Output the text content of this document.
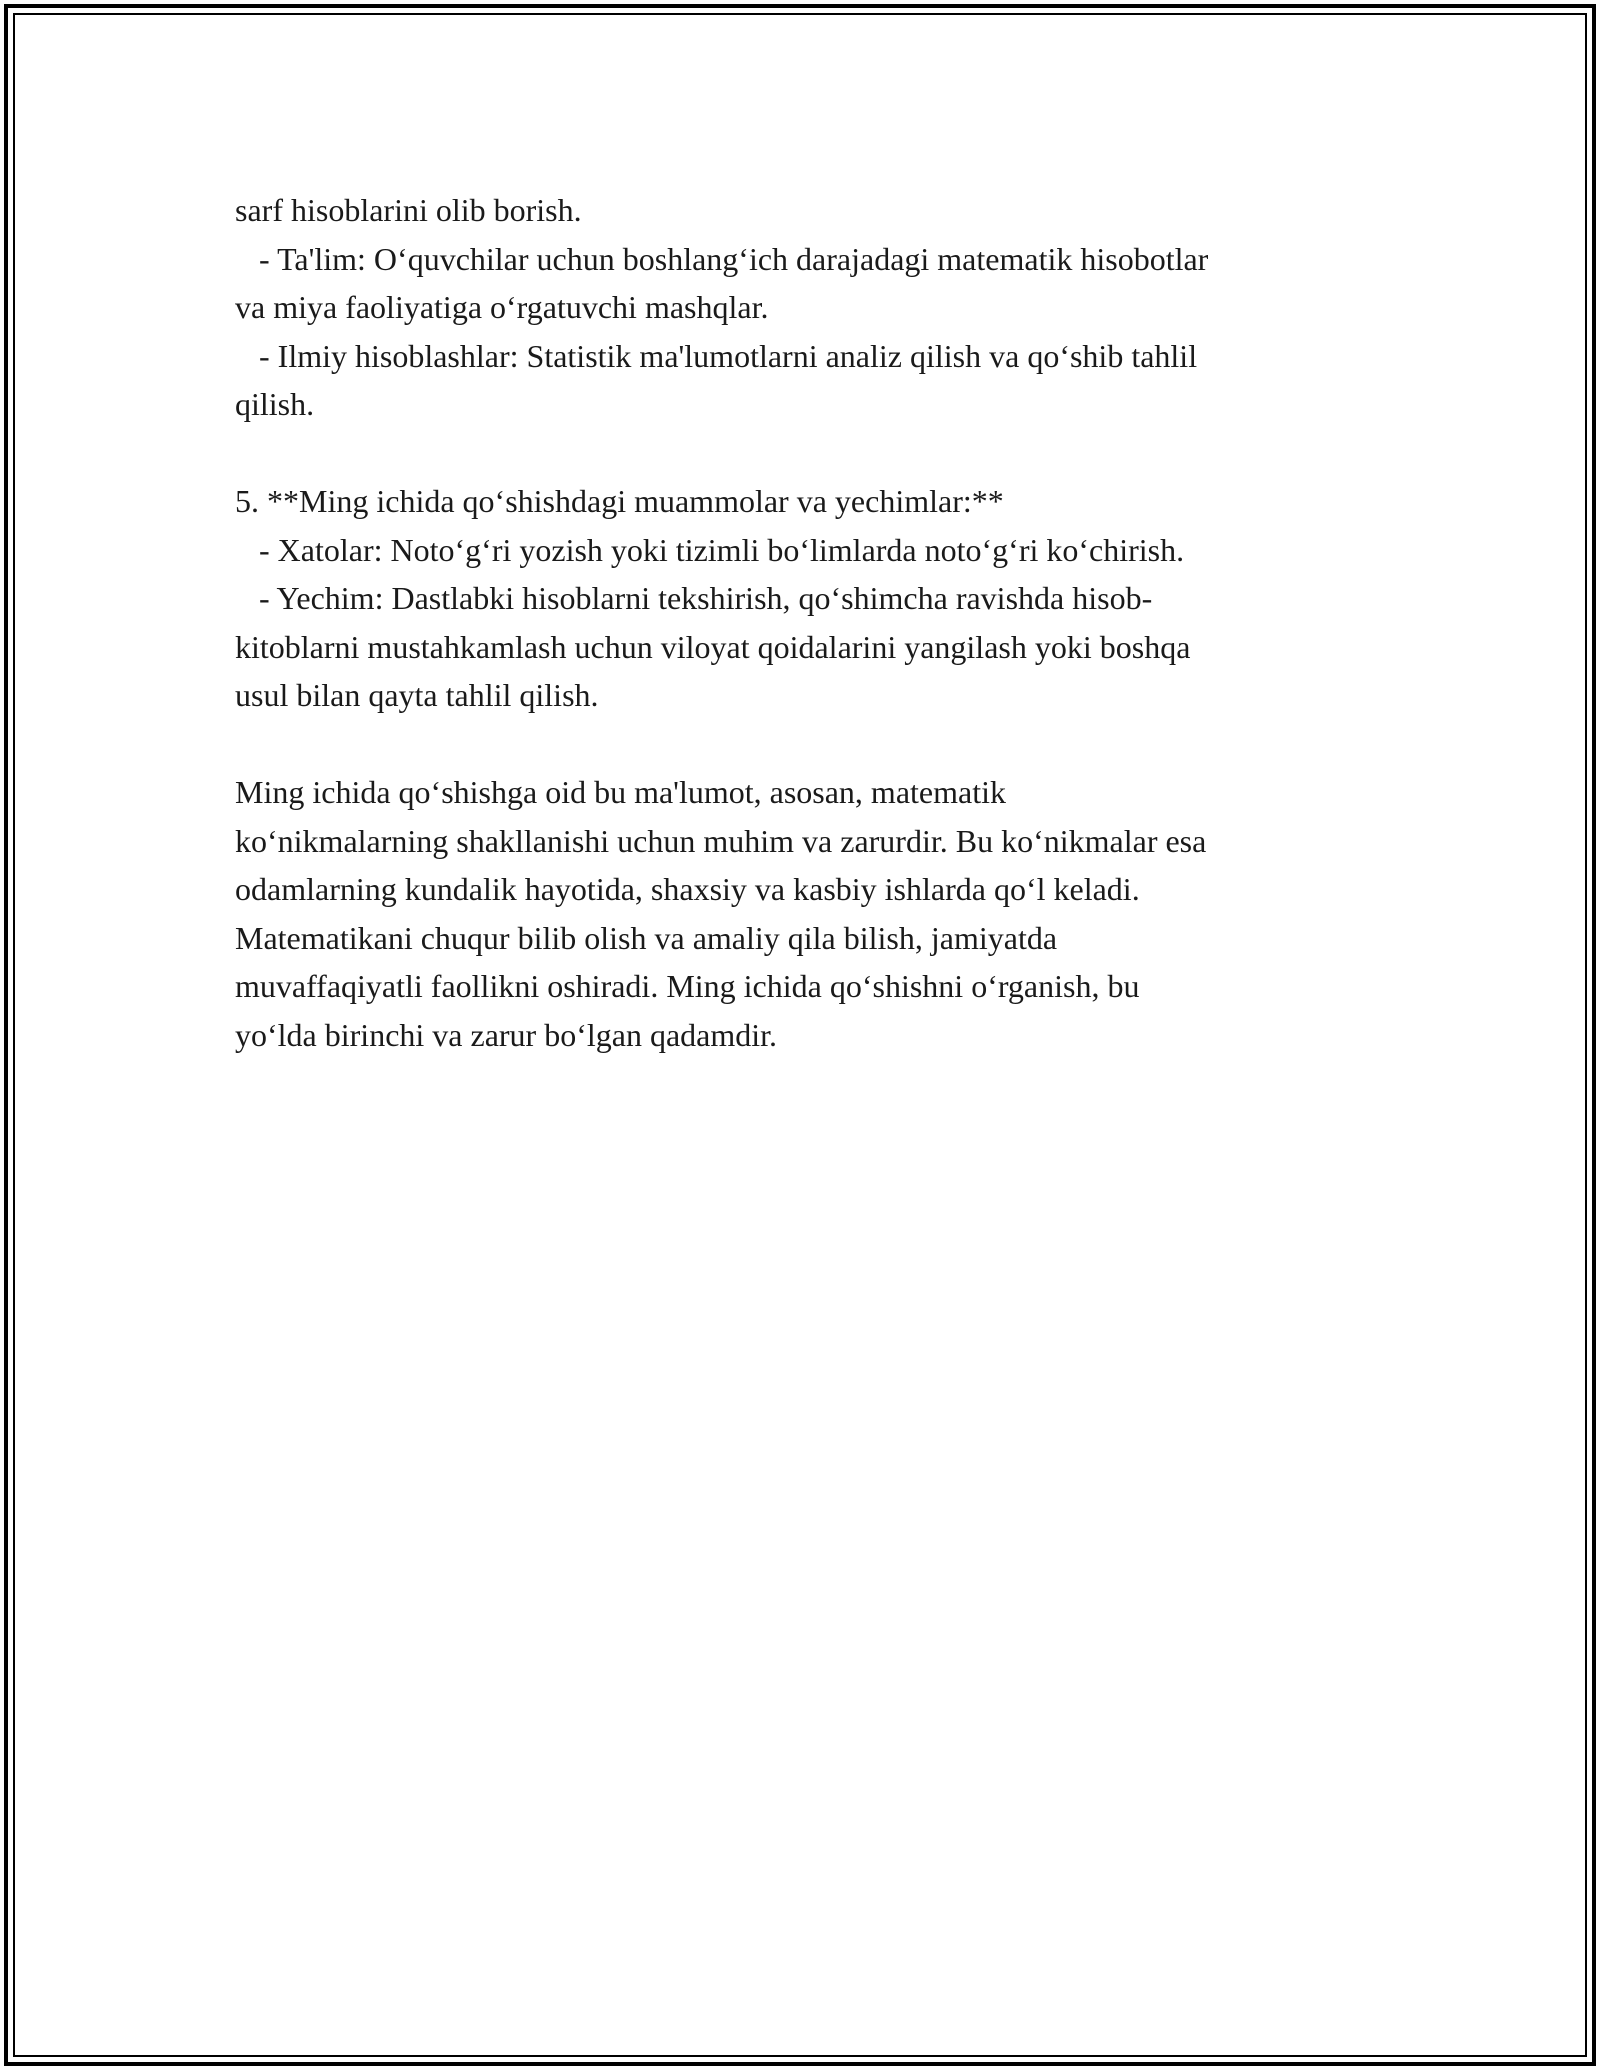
sarf hisoblarini olib borish.

- Ta'lim: O‘quvchilar uchun boshlang‘ich darajadagi matematik hisobotlar

va miya faoliyatiga o‘rgatuvchi mashqlar.

- Ilmiy hisoblashlar: Statistik ma'lumotlarni analiz qilish va qo‘shib tahlil

qilish.

5. **Ming ichida qo‘shishdagi muammolar va yechimlar:**

- Xatolar: Noto‘g‘ri yozish yoki tizimli bo‘limlarda noto‘g‘ri ko‘chirish.

- Yechim: Dastlabki hisoblarni tekshirish, qo‘shimcha ravishda hisob-

kitoblarni mustahkamlash uchun viloyat qoidalarini yangilash yoki boshqa

usul bilan qayta tahlil qilish.

Ming ichida qo‘shishga oid bu ma'lumot, asosan, matematik

ko‘nikmalarning shakllanishi uchun muhim va zarurdir. Bu ko‘nikmalar esa

odamlarning kundalik hayotida, shaxsiy va kasbiy ishlarda qo‘l keladi.

Matematikani chuqur bilib olish va amaliy qila bilish, jamiyatda

muvaffaqiyatli faollikni oshiradi. Ming ichida qo‘shishni o‘rganish, bu

yo‘lda birinchi va zarur bo‘lgan qadamdir.
